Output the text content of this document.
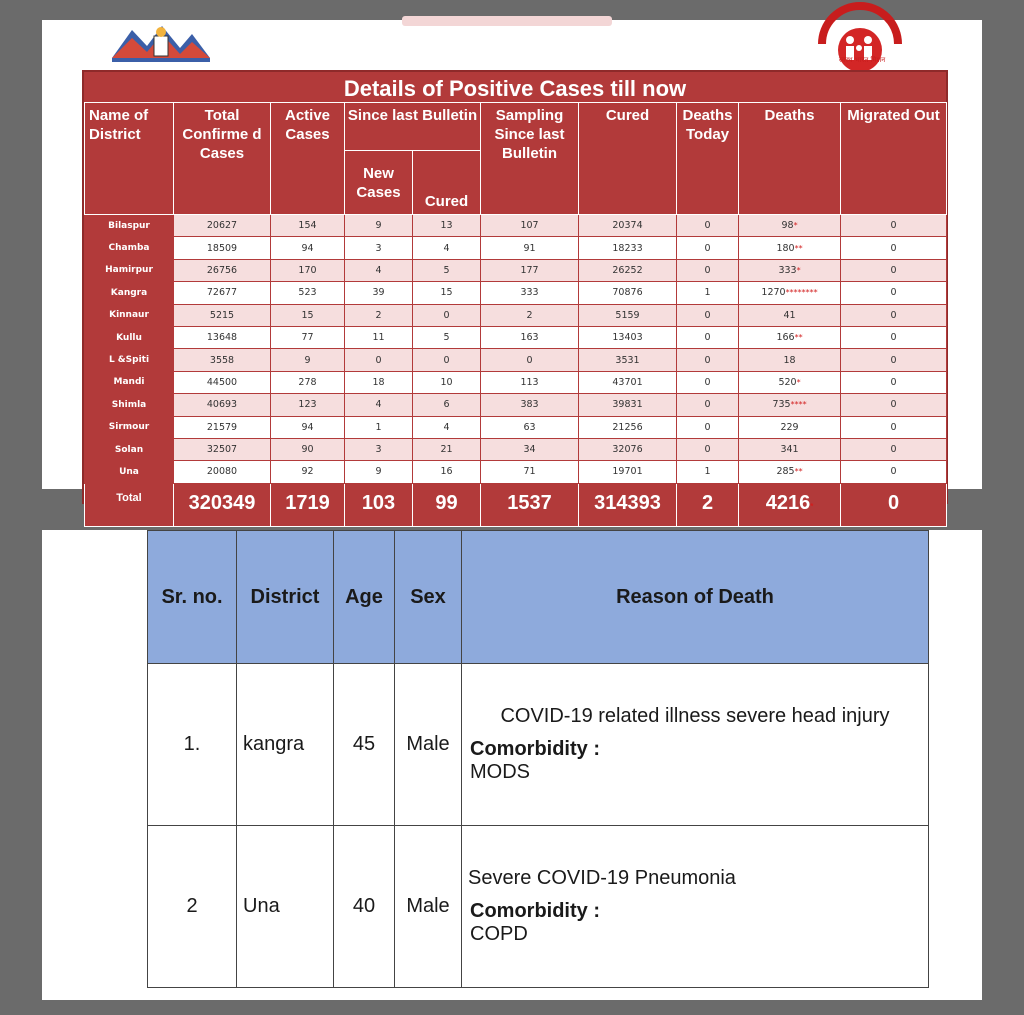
स्वस्थ भारत मिशन
Details of Positive Cases till now
Name of District	Total Confirme d Cases	Active Cases	Since last Bulletin		Sampling Since last Bulletin	Cured	Deaths Today	Deaths	Migrated Out
			New Cases	Cured					
Bilaspur	20627	154	9	13	107	20374	0	98*	0
Chamba	18509	94	3	4	91	18233	0	180**	0
Hamirpur	26756	170	4	5	177	26252	0	333*	0
Kangra	72677	523	39	15	333	70876	1	1270********	0
Kinnaur	5215	15	2	0	2	5159	0	41	0
Kullu	13648	77	11	5	163	13403	0	166**	0
L &Spiti	3558	9	0	0	0	3531	0	18	0
Mandi	44500	278	18	10	113	43701	0	520*	0
Shimla	40693	123	4	6	383	39831	0	735****	0
Sirmour	21579	94	1	4	63	21256	0	229	0
Solan	32507	90	3	21	34	32076	0	341	0
Una	20080	92	9	16	71	19701	1	285**	0
Total	320349	1719	103	99	1537	314393	2	4216*	0
Sr. no.	District	Age	Sex	Reason of Death
1.	kangra	45	Male	COVID-19 related illness severe head injury
Comorbidity :
MODS

2	Una	40	Male	Severe COVID-19 Pneumonia
Comorbidity :
COPD
